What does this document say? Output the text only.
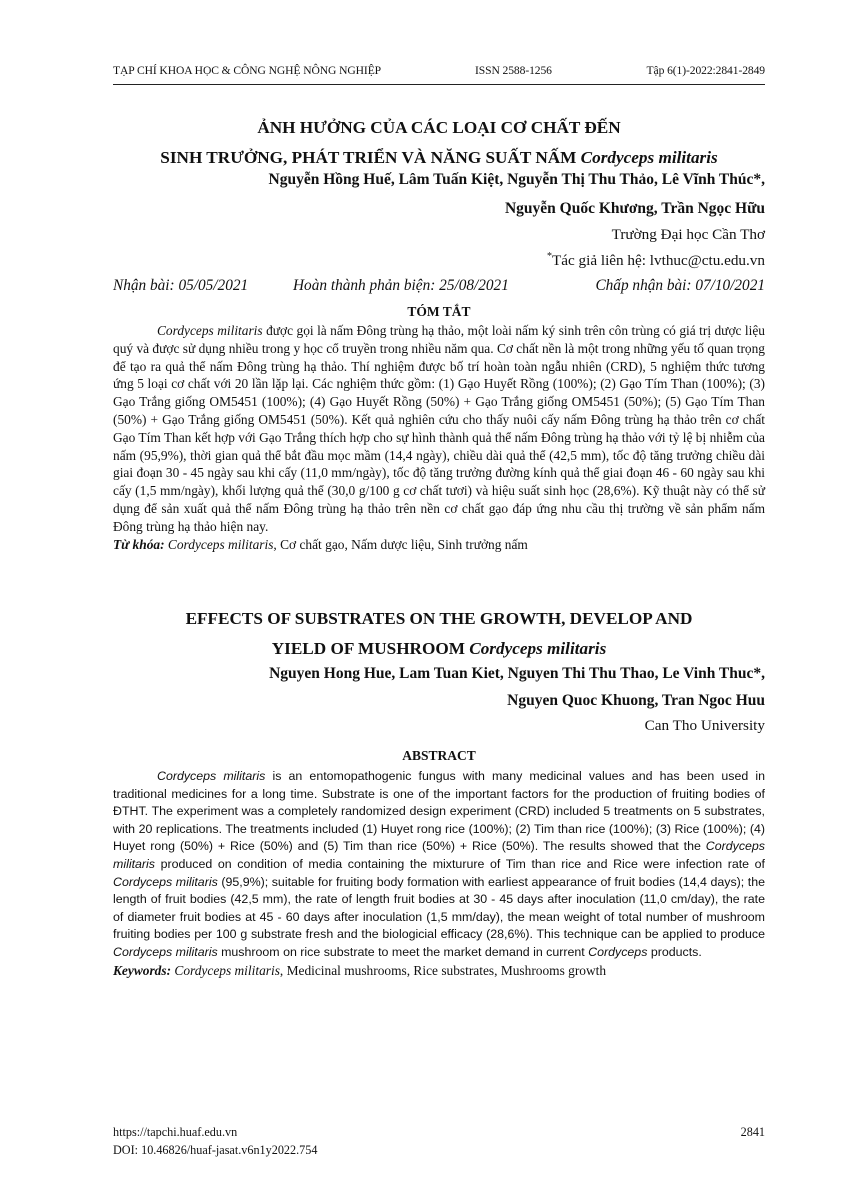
TẠP CHÍ KHOA HỌC & CÔNG NGHỆ NÔNG NGHIỆP	ISSN 2588-1256	Tập 6(1)-2022:2841-2849
ẢNH HƯỞNG CỦA CÁC LOẠI CƠ CHẤT ĐẾN
SINH TRƯỞNG, PHÁT TRIỂN VÀ NĂNG SUẤT NẤM Cordyceps militaris
Nguyễn Hồng Huế, Lâm Tuấn Kiệt, Nguyễn Thị Thu Thảo, Lê Vĩnh Thúc*,
Nguyễn Quốc Khương, Trần Ngọc Hữu
Trường Đại học Cần Thơ
*Tác giả liên hệ: lvthuc@ctu.edu.vn
Nhận bài: 05/05/2021	Hoàn thành phản biện: 25/08/2021	Chấp nhận bài: 07/10/2021
TÓM TẮT

Cordyceps militaris được gọi là nấm Đông trùng hạ thảo, một loài nấm ký sinh trên côn trùng có giá trị dược liệu quý và được sử dụng nhiều trong y học cổ truyền trong nhiều năm qua. Cơ chất nền là một trong những yếu tố quan trọng để tạo ra quả thể nấm Đông trùng hạ thảo. Thí nghiệm được bố trí hoàn toàn ngẫu nhiên (CRD), 5 nghiệm thức tương ứng 5 loại cơ chất với 20 lần lặp lại. Các nghiệm thức gồm: (1) Gạo Huyết Rồng (100%); (2) Gạo Tím Than (100%); (3) Gạo Trắng giống OM5451 (100%); (4) Gạo Huyết Rồng (50%) + Gạo Trắng giống OM5451 (50%); (5) Gạo Tím Than (50%) + Gạo Trắng giống OM5451 (50%). Kết quả nghiên cứu cho thấy nuôi cấy nấm Đông trùng hạ thảo trên cơ chất Gạo Tím Than kết hợp với Gạo Trắng thích hợp cho sự hình thành quả thể nấm Đông trùng hạ thảo với tỷ lệ bị nhiễm của nấm (95,9%), thời gian quả thể bắt đầu mọc mầm (14,4 ngày), chiều dài quả thể (42,5 mm), tốc độ tăng trưởng chiều dài giai đoạn 30 - 45 ngày sau khi cấy (11,0 mm/ngày), tốc độ tăng trưởng đường kính quả thể giai đoạn 46 - 60 ngày sau khi cấy (1,5 mm/ngày), khối lượng quả thể (30,0 g/100 g cơ chất tươi) và hiệu suất sinh học (28,6%). Kỹ thuật này có thể sử dụng để sản xuất quả thể nấm Đông trùng hạ thảo trên nền cơ chất gạo đáp ứng nhu cầu thị trường về sản phẩm nấm Đông trùng hạ thảo hiện nay.

Từ khóa: Cordyceps militaris, Cơ chất gạo, Nấm dược liệu, Sinh trưởng nấm

EFFECTS OF SUBSTRATES ON THE GROWTH, DEVELOP AND
YIELD OF MUSHROOM Cordyceps militaris
Nguyen Hong Hue, Lam Tuan Kiet, Nguyen Thi Thu Thao, Le Vinh Thuc*,
Nguyen Quoc Khuong, Tran Ngoc Huu
Can Tho University
ABSTRACT

Cordyceps militaris is an entomopathogenic fungus with many medicinal values and has been used in traditional medicines for a long time. Substrate is one of the important factors for the production of fruiting bodies of ĐTHT. The experiment was a completely randomized design experiment (CRD) included 5 treatments on 5 substrates, with 20 replications. The treatments included (1) Huyet rong rice (100%); (2) Tim than rice (100%); (3) Rice (100%); (4) Huyet rong (50%) + Rice (50%) and (5) Tim than rice (50%) + Rice (50%). The results showed that the Cordyceps militaris produced on condition of media containing the mixturure of Tim than rice and Rice were infection rate of Cordyceps militaris (95,9%); suitable for fruiting body formation with earliest appearance of fruit bodies (14,4 days); the length of fruit bodies (42,5 mm), the rate of length fruit bodies at 30 - 45 days after inoculation (11,0 cm/day), the rate of diameter fruit bodies at 45 - 60 days after inoculation (1,5 mm/day), the mean weight of total number of mushroom fruiting bodies per 100 g substrate fresh and the biologicial efficacy (28,6%). This technique can be applied to produce Cordyceps militaris mushroom on rice substrate to meet the market demand in current Cordyceps products.

Keywords: Cordyceps militaris, Medicinal mushrooms, Rice substrates, Mushrooms growth

https://tapchi.huaf.edu.vn	2841
DOI: 10.46826/huaf-jasat.v6n1y2022.754
